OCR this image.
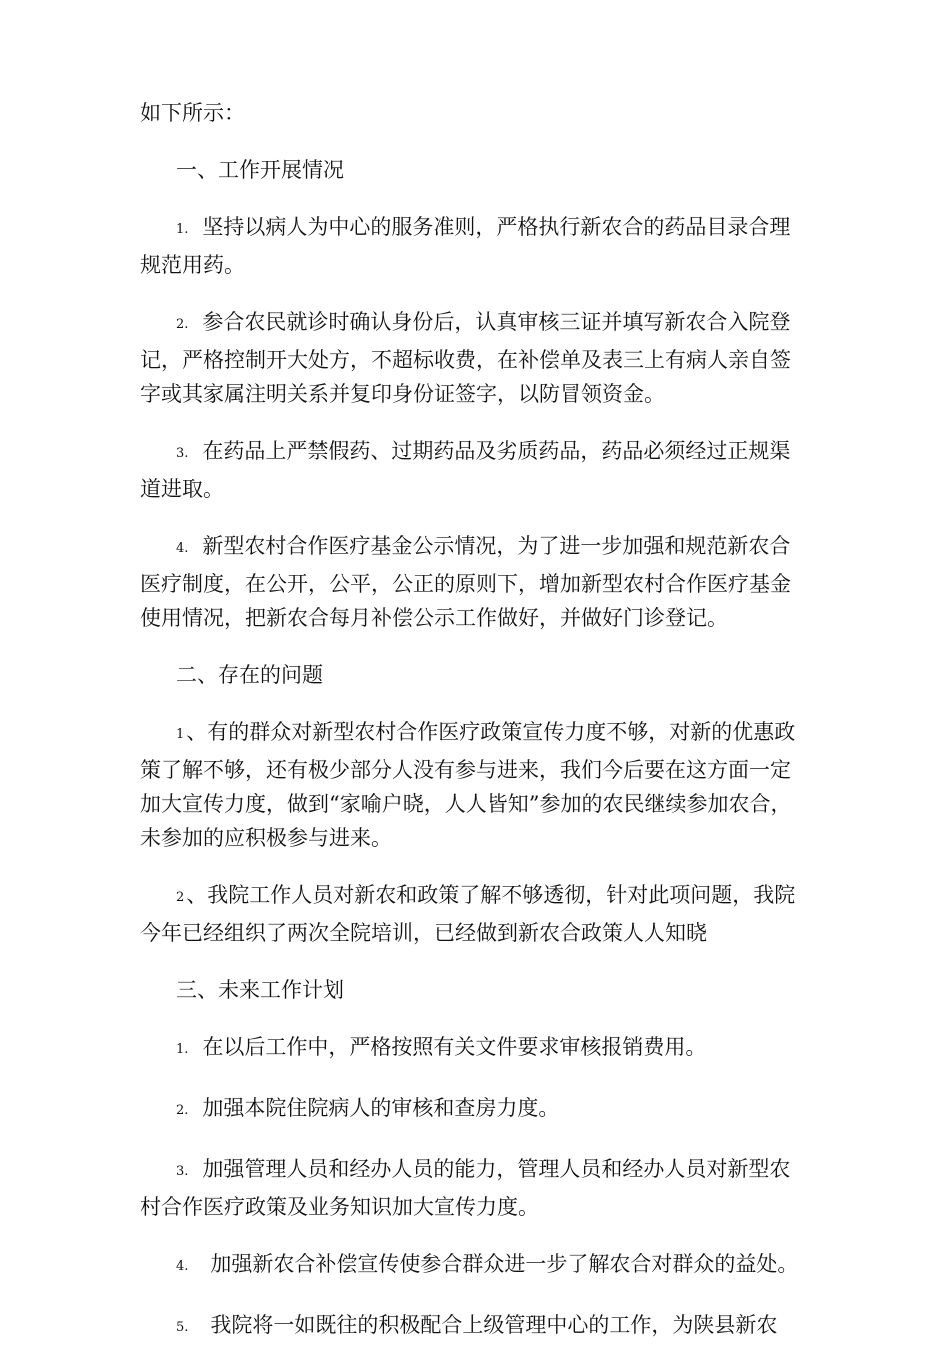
如下所示：

一、工作开展情况

1. 坚持以病人为中心的服务准则，严格执行新农合的药品目录合理

规范用药。

2. 参合农民就诊时确认身份后，认真审核三证并填写新农合入院登

记，严格控制开大处方，不超标收费，在补偿单及表三上有病人亲自签

字或其家属注明关系并复印身份证签字，以防冒领资金。

3. 在药品上严禁假药、过期药品及劣质药品，药品必须经过正规渠

道进取。

4. 新型农村合作医疗基金公示情况，为了进一步加强和规范新农合

医疗制度，在公开，公平，公正的原则下，增加新型农村合作医疗基金

使用情况，把新农合每月补偿公示工作做好，并做好门诊登记。

二、存在的问题

1、有的群众对新型农村合作医疗政策宣传力度不够，对新的优惠政

策了解不够，还有极少部分人没有参与进来，我们今后要在这方面一定

加大宣传力度，做到“家喻户晓，人人皆知”参加的农民继续参加农合，

未参加的应积极参与进来。

2、我院工作人员对新农和政策了解不够透彻，针对此项问题，我院

今年已经组织了两次全院培训，已经做到新农合政策人人知晓

三、未来工作计划

1. 在以后工作中，严格按照有关文件要求审核报销费用。

2. 加强本院住院病人的审核和查房力度。

3. 加强管理人员和经办人员的能力，管理人员和经办人员对新型农

村合作医疗政策及业务知识加大宣传力度。

4. 加强新农合补偿宣传使参合群众进一步了解农合对群众的益处。

5. 我院将一如既往的积极配合上级管理中心的工作，为陕县新农
